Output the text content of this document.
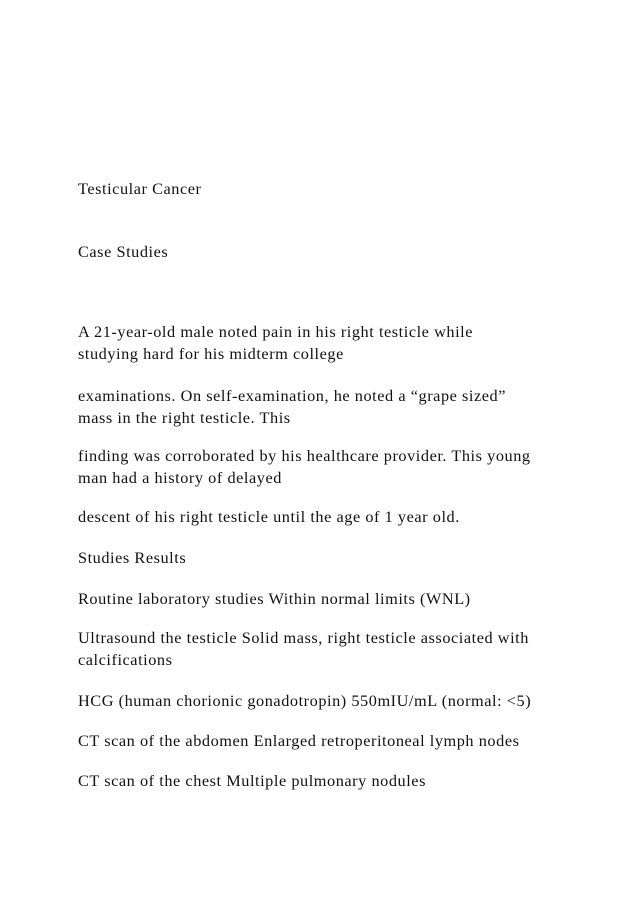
Testicular Cancer
Case Studies
A 21-year-old male noted pain in his right testicle while
studying hard for his midterm college
examinations. On self-examination, he noted a “grape sized”
mass in the right testicle. This
finding was corroborated by his healthcare provider. This young
man had a history of delayed
descent of his right testicle until the age of 1 year old.
Studies Results
Routine laboratory studies Within normal limits (WNL)
Ultrasound the testicle Solid mass, right testicle associated with
calcifications
HCG (human chorionic gonadotropin) 550mIU/mL (normal: <5)
CT scan of the abdomen Enlarged retroperitoneal lymph nodes
CT scan of the chest Multiple pulmonary nodules
